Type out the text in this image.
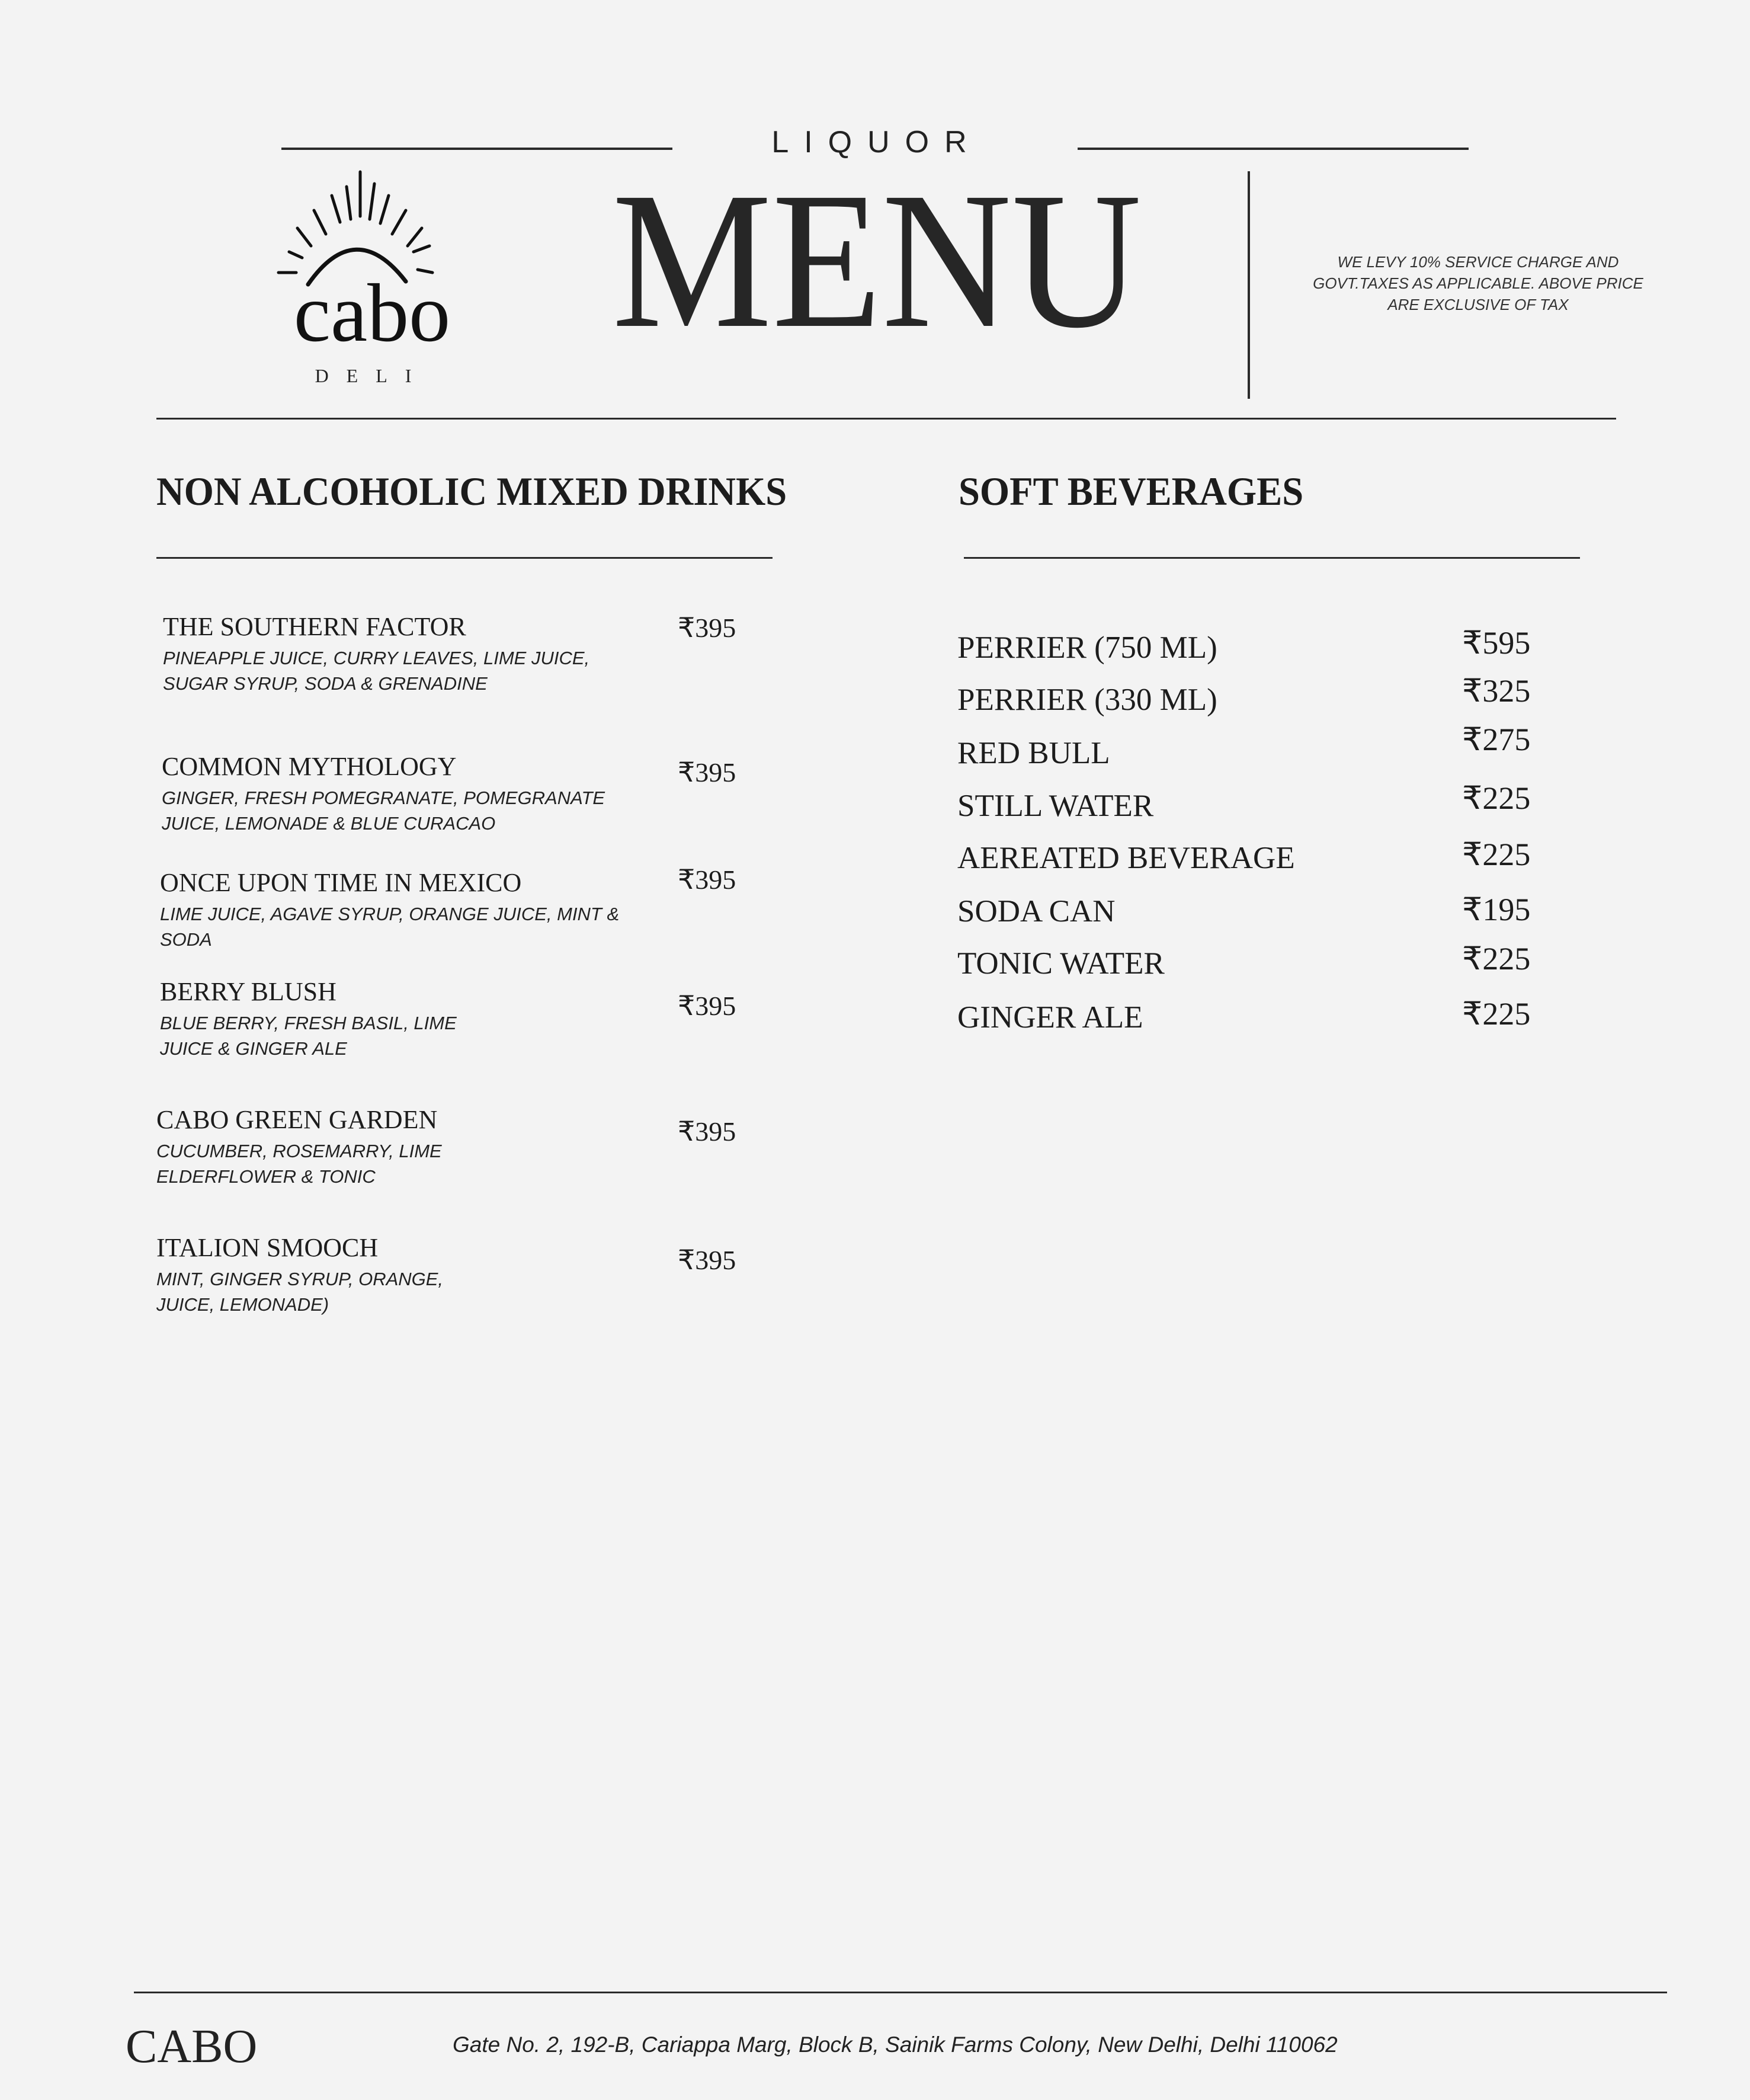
LIQUOR
MENU	WE LEVY 10% SERVICE CHARGE AND
GOVT.TAXES AS APPLICABLE. ABOVE PRICE
ARE EXCLUSIVE OF TAX
cabo
DELI
NON ALCOHOLIC MIXED DRINKS
THE SOUTHERN FACTOR
PINEAPPLE JUICE, CURRY LEAVES, LIME JUICE,
SUGAR SYRUP, SODA & GRENADINE
₹395
COMMON MYTHOLOGY
GINGER, FRESH POMEGRANATE, POMEGRANATE
JUICE, LEMONADE & BLUE CURACAO
₹395
ONCE UPON TIME IN MEXICO
LIME JUICE, AGAVE SYRUP, ORANGE JUICE, MINT &
SODA
₹395
BERRY BLUSH
BLUE BERRY, FRESH BASIL, LIME
JUICE & GINGER ALE
₹395
CABO GREEN GARDEN
CUCUMBER, ROSEMARRY, LIME
ELDERFLOWER & TONIC
₹395
ITALION SMOOCH
MINT, GINGER SYRUP, ORANGE,
JUICE, LEMONADE)
₹395
SOFT BEVERAGES
PERRIER (750 ML)	₹595
PERRIER (330 ML)	₹325
RED BULL	₹275
STILL WATER	₹225
AEREATED BEVERAGE	₹225
SODA CAN	₹195
TONIC WATER	₹225
GINGER ALE	₹225
CABO	Gate No. 2, 192-B, Cariappa Marg, Block B, Sainik Farms Colony, New Delhi, Delhi 110062
